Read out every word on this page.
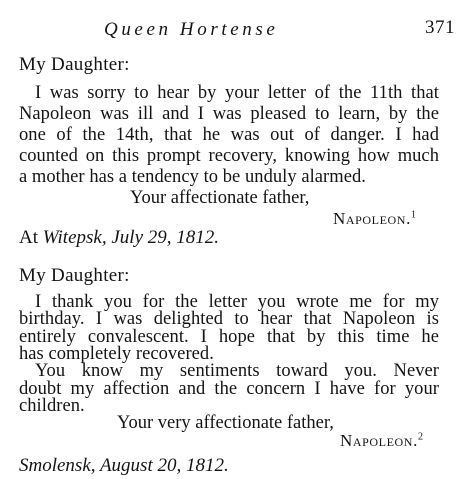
Queen Hortense	371
My Daughter:
I was sorry to hear by your letter of the 11th that
Napoleon was ill and I was pleased to learn, by the
one of the 14th, that he was out of danger. I had
counted on this prompt recovery, knowing how much
a mother has a tendency to be unduly alarmed.
Your affectionate father,
Napoleon.$^1$
At Witepsk, July 29, 1812.
My Daughter:
I thank you for the letter you wrote me for my
birthday. I was delighted to hear that Napoleon is
entirely convalescent. I hope that by this time he
has completely recovered.
You know my sentiments toward you. Never
doubt my affection and the concern I have for your
children.
Your very affectionate father,
Napoleon.$^2$
Smolensk, August 20, 1812.
